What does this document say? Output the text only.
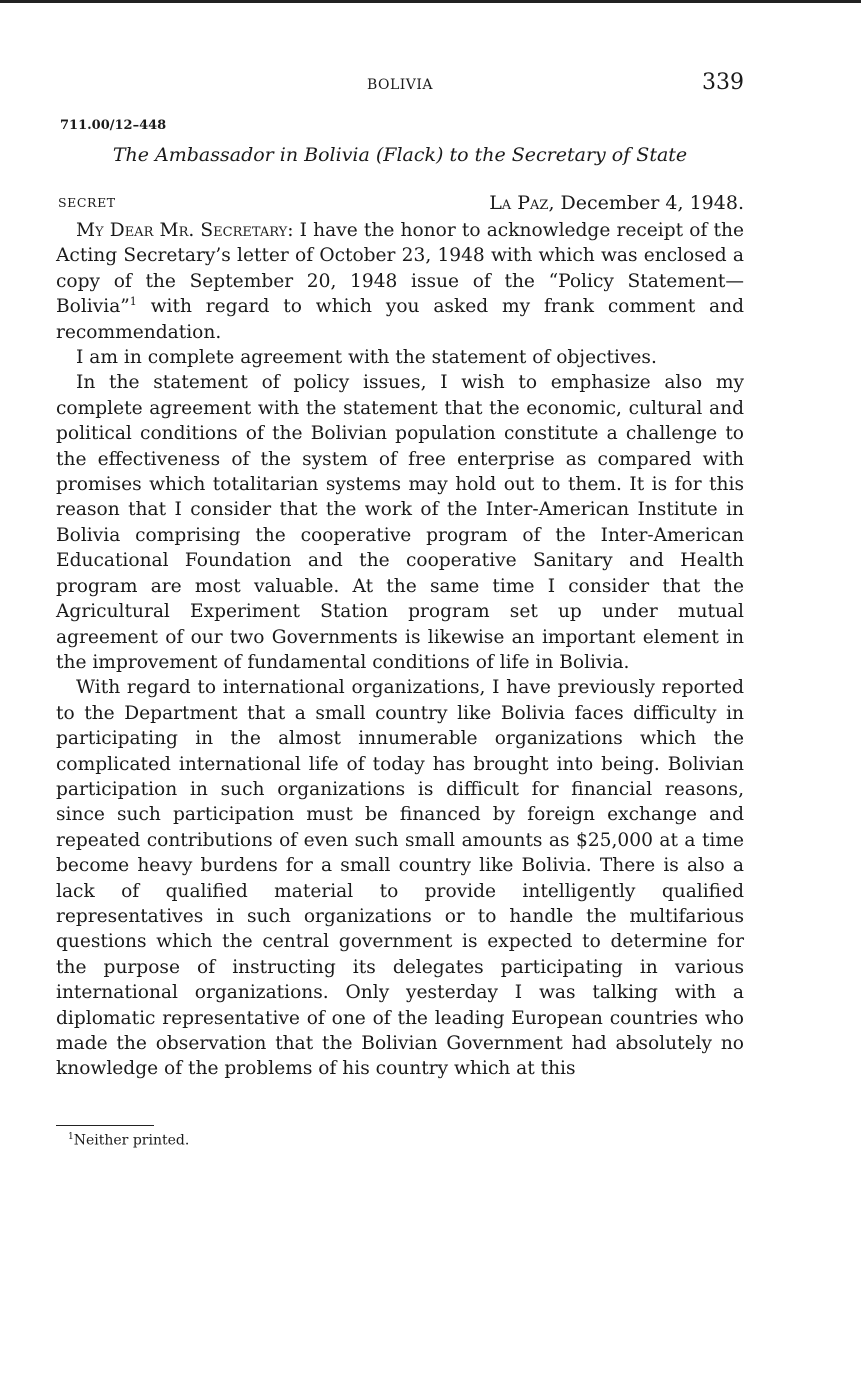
BOLIVIA	339
711.00/12–448
The Ambassador in Bolivia (Flack) to the Secretary of State
SECRET	La Paz, December 4, 1948.

My Dear Mr. Secretary: I have the honor to acknowledge receipt of the Acting Secretary’s letter of October 23, 1948 with which was enclosed a copy of the September 20, 1948 issue of the “Policy Statement—Bolivia”$^1$ with regard to which you asked my frank comment and recommendation.

I am in complete agreement with the statement of objectives.

In the statement of policy issues, I wish to emphasize also my complete agreement with the statement that the economic, cultural and political conditions of the Bolivian population constitute a challenge to the effectiveness of the system of free enterprise as compared with promises which totalitarian systems may hold out to them. It is for this reason that I consider that the work of the Inter-American Institute in Bolivia comprising the cooperative program of the Inter-American Educational Foundation and the cooperative Sanitary and Health program are most valuable. At the same time I consider that the Agricultural Experiment Station program set up under mutual agreement of our two Governments is likewise an important element in the improvement of fundamental conditions of life in Bolivia.

With regard to international organizations, I have previously reported to the Department that a small country like Bolivia faces difficulty in participating in the almost innumerable organizations which the complicated international life of today has brought into being. Bolivian participation in such organizations is difficult for financial reasons, since such participation must be financed by foreign exchange and repeated contributions of even such small amounts as $25,000 at a time become heavy burdens for a small country like Bolivia. There is also a lack of qualified material to provide intelligently qualified representatives in such organizations or to handle the multifarious questions which the central government is expected to determine for the purpose of instructing its delegates participating in various international organizations. Only yesterday I was talking with a diplomatic representative of one of the leading European countries who made the observation that the Bolivian Government had absolutely no knowledge of the problems of his country which at this

$^1$Neither printed.
